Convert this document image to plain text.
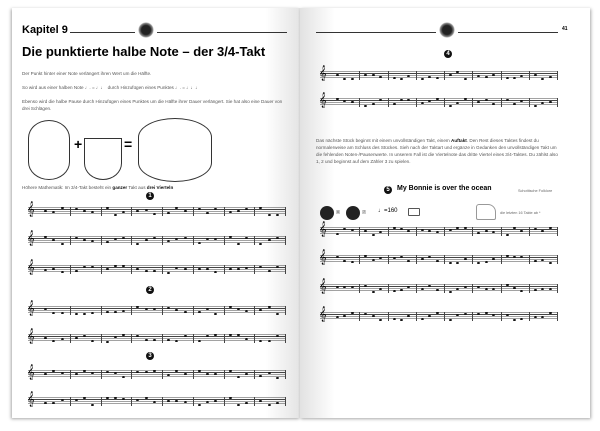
Kapitel 9
Die punktierte halbe Note – der 3/4-Takt
Der Punkt hinter einer Note verlängert ihren Wert um die Hälfte.
So wird aus einer halben Note ♩. = ♩♩  durch Hinzufügen eines Punktes ♩. = ♩♩♩
Ebenso wird die halbe Pause durch Hinzufügen eines Punktes um die Hälfte ihrer Dauer verlängert. Sie hat also eine Dauer von drei Schlägen.
+	=
Höhere Mathematik: Im 3/4-Takt besteht ein ganzer Takt aus drei Vierteln
1
𝄞
𝄞
𝄞
2
𝄞
𝄞
3
𝄞
𝄞
41
4
𝄞
𝄞
Das nächste Stück beginnt mit einem unvollständigen Takt, einem Auftakt. Den Rest dieses Taktes findest du normalerweise am Schluss des Stückes. Sieh nach der Taktart und ergänze in Gedanken den unvollständigen Takt um die fehlenden Noten-/Pausenwerte. In unserem Fall ist die Viertelnote das dritte Viertel eines 3/4-Taktes. Du zählst also 1, 2 und beginnst auf dem Zähler 3 zu spielen.
5	My Bonnie is over the ocean	Schottische Folklore
6	7 ♩=160	die letzten 16 Takte ab *
𝄞
𝄞
𝄞
𝄞
